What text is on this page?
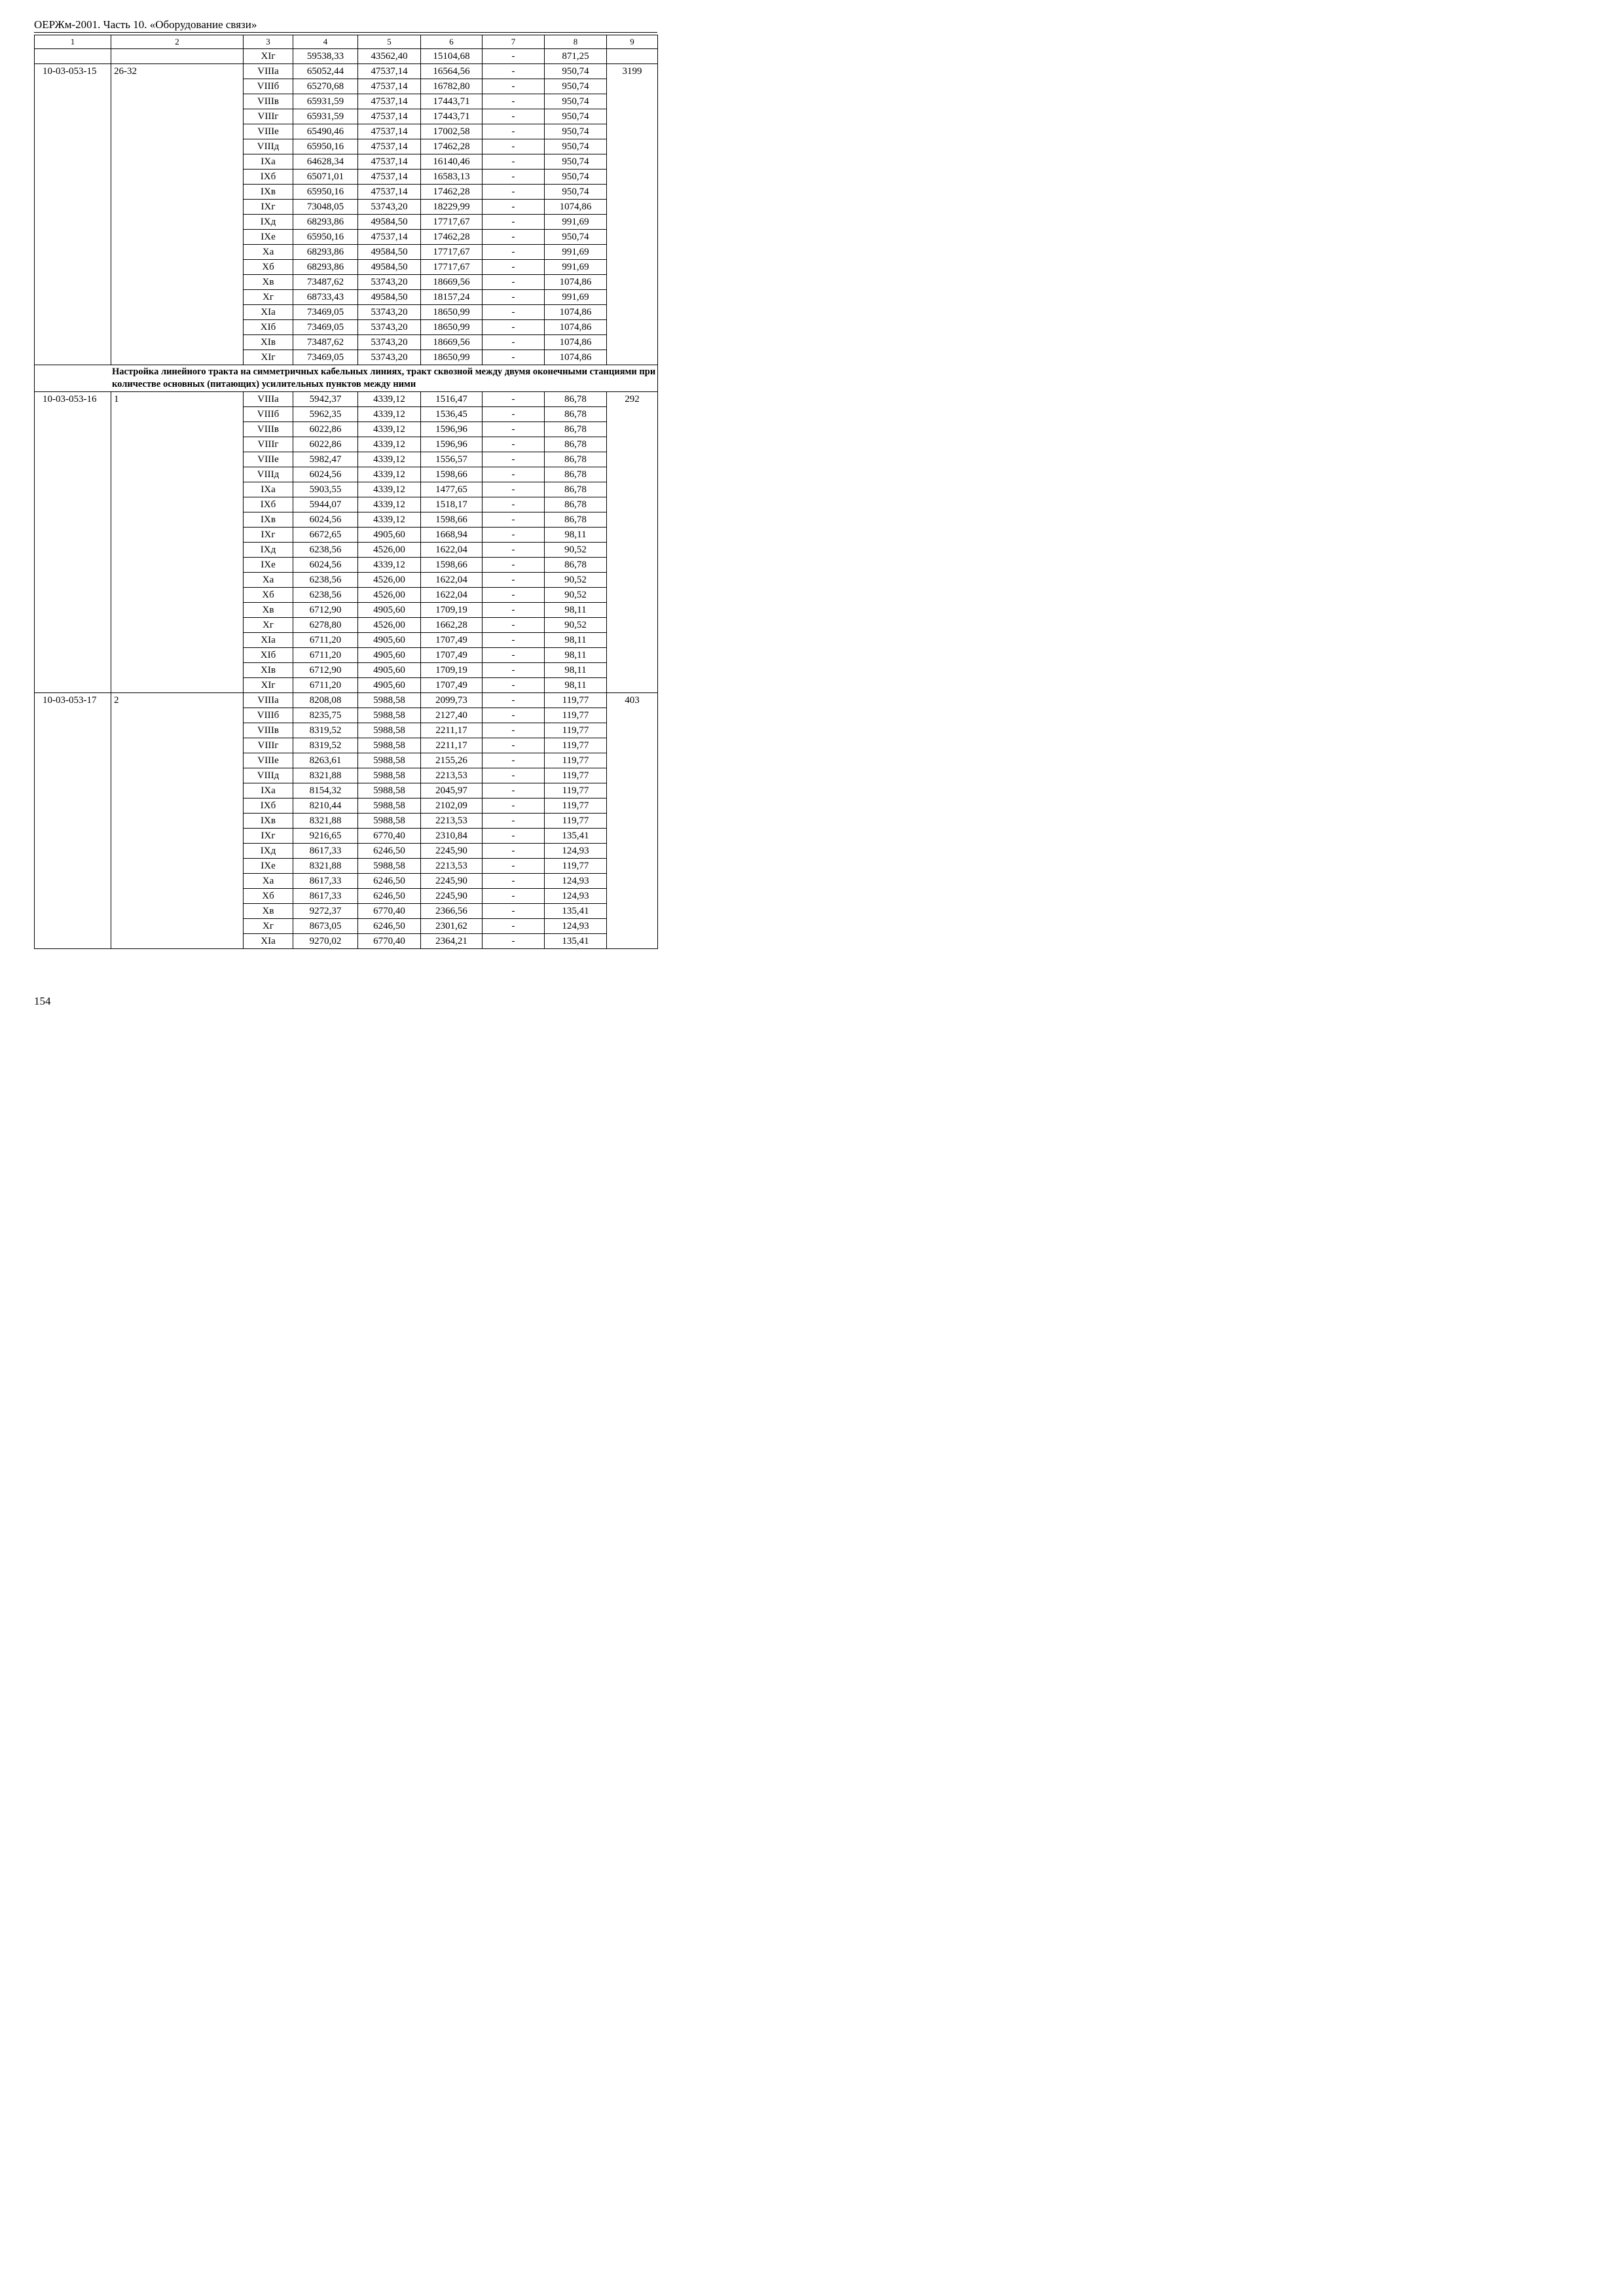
ОЕРЖм-2001. Часть 10. «Оборудование связи»
1	2	3	4	5	6	7	8	9
		XIг	59538,33	43562,40	15104,68	-	871,25	
10-03-053-15	26-32	VIIIа	65052,44	47537,14	16564,56	-	950,74	3199
		VIIIб	65270,68	47537,14	16782,80	-	950,74	
		VIIIв	65931,59	47537,14	17443,71	-	950,74	
		VIIIг	65931,59	47537,14	17443,71	-	950,74	
		VIIIе	65490,46	47537,14	17002,58	-	950,74	
		VIIIд	65950,16	47537,14	17462,28	-	950,74	
		IXа	64628,34	47537,14	16140,46	-	950,74	
		IXб	65071,01	47537,14	16583,13	-	950,74	
		IXв	65950,16	47537,14	17462,28	-	950,74	
		IXг	73048,05	53743,20	18229,99	-	1074,86	
		IXд	68293,86	49584,50	17717,67	-	991,69	
		IXе	65950,16	47537,14	17462,28	-	950,74	
		Xа	68293,86	49584,50	17717,67	-	991,69	
		Xб	68293,86	49584,50	17717,67	-	991,69	
		Xв	73487,62	53743,20	18669,56	-	1074,86	
		Xг	68733,43	49584,50	18157,24	-	991,69	
		XIа	73469,05	53743,20	18650,99	-	1074,86	
		XIб	73469,05	53743,20	18650,99	-	1074,86	
		XIв	73487,62	53743,20	18669,56	-	1074,86	
		XIг	73469,05	53743,20	18650,99	-	1074,86	
Настройка линейного тракта на симметричных кабельных линиях, тракт сквозной между двумя оконечными станциями при количестве основных (питающих) усилительных пунктов между ними								
10-03-053-16	1	VIIIа	5942,37	4339,12	1516,47	-	86,78	292
		VIIIб	5962,35	4339,12	1536,45	-	86,78	
		VIIIв	6022,86	4339,12	1596,96	-	86,78	
		VIIIг	6022,86	4339,12	1596,96	-	86,78	
		VIIIе	5982,47	4339,12	1556,57	-	86,78	
		VIIIд	6024,56	4339,12	1598,66	-	86,78	
		IXа	5903,55	4339,12	1477,65	-	86,78	
		IXб	5944,07	4339,12	1518,17	-	86,78	
		IXв	6024,56	4339,12	1598,66	-	86,78	
		IXг	6672,65	4905,60	1668,94	-	98,11	
		IXд	6238,56	4526,00	1622,04	-	90,52	
		IXе	6024,56	4339,12	1598,66	-	86,78	
		Xа	6238,56	4526,00	1622,04	-	90,52	
		Xб	6238,56	4526,00	1622,04	-	90,52	
		Xв	6712,90	4905,60	1709,19	-	98,11	
		Xг	6278,80	4526,00	1662,28	-	90,52	
		XIа	6711,20	4905,60	1707,49	-	98,11	
		XIб	6711,20	4905,60	1707,49	-	98,11	
		XIв	6712,90	4905,60	1709,19	-	98,11	
		XIг	6711,20	4905,60	1707,49	-	98,11	
10-03-053-17	2	VIIIа	8208,08	5988,58	2099,73	-	119,77	403
		VIIIб	8235,75	5988,58	2127,40	-	119,77	
		VIIIв	8319,52	5988,58	2211,17	-	119,77	
		VIIIг	8319,52	5988,58	2211,17	-	119,77	
		VIIIе	8263,61	5988,58	2155,26	-	119,77	
		VIIIд	8321,88	5988,58	2213,53	-	119,77	
		IXа	8154,32	5988,58	2045,97	-	119,77	
		IXб	8210,44	5988,58	2102,09	-	119,77	
		IXв	8321,88	5988,58	2213,53	-	119,77	
		IXг	9216,65	6770,40	2310,84	-	135,41	
		IXд	8617,33	6246,50	2245,90	-	124,93	
		IXе	8321,88	5988,58	2213,53	-	119,77	
		Xа	8617,33	6246,50	2245,90	-	124,93	
		Xб	8617,33	6246,50	2245,90	-	124,93	
		Xв	9272,37	6770,40	2366,56	-	135,41	
		Xг	8673,05	6246,50	2301,62	-	124,93	
		XIа	9270,02	6770,40	2364,21	-	135,41	
154
